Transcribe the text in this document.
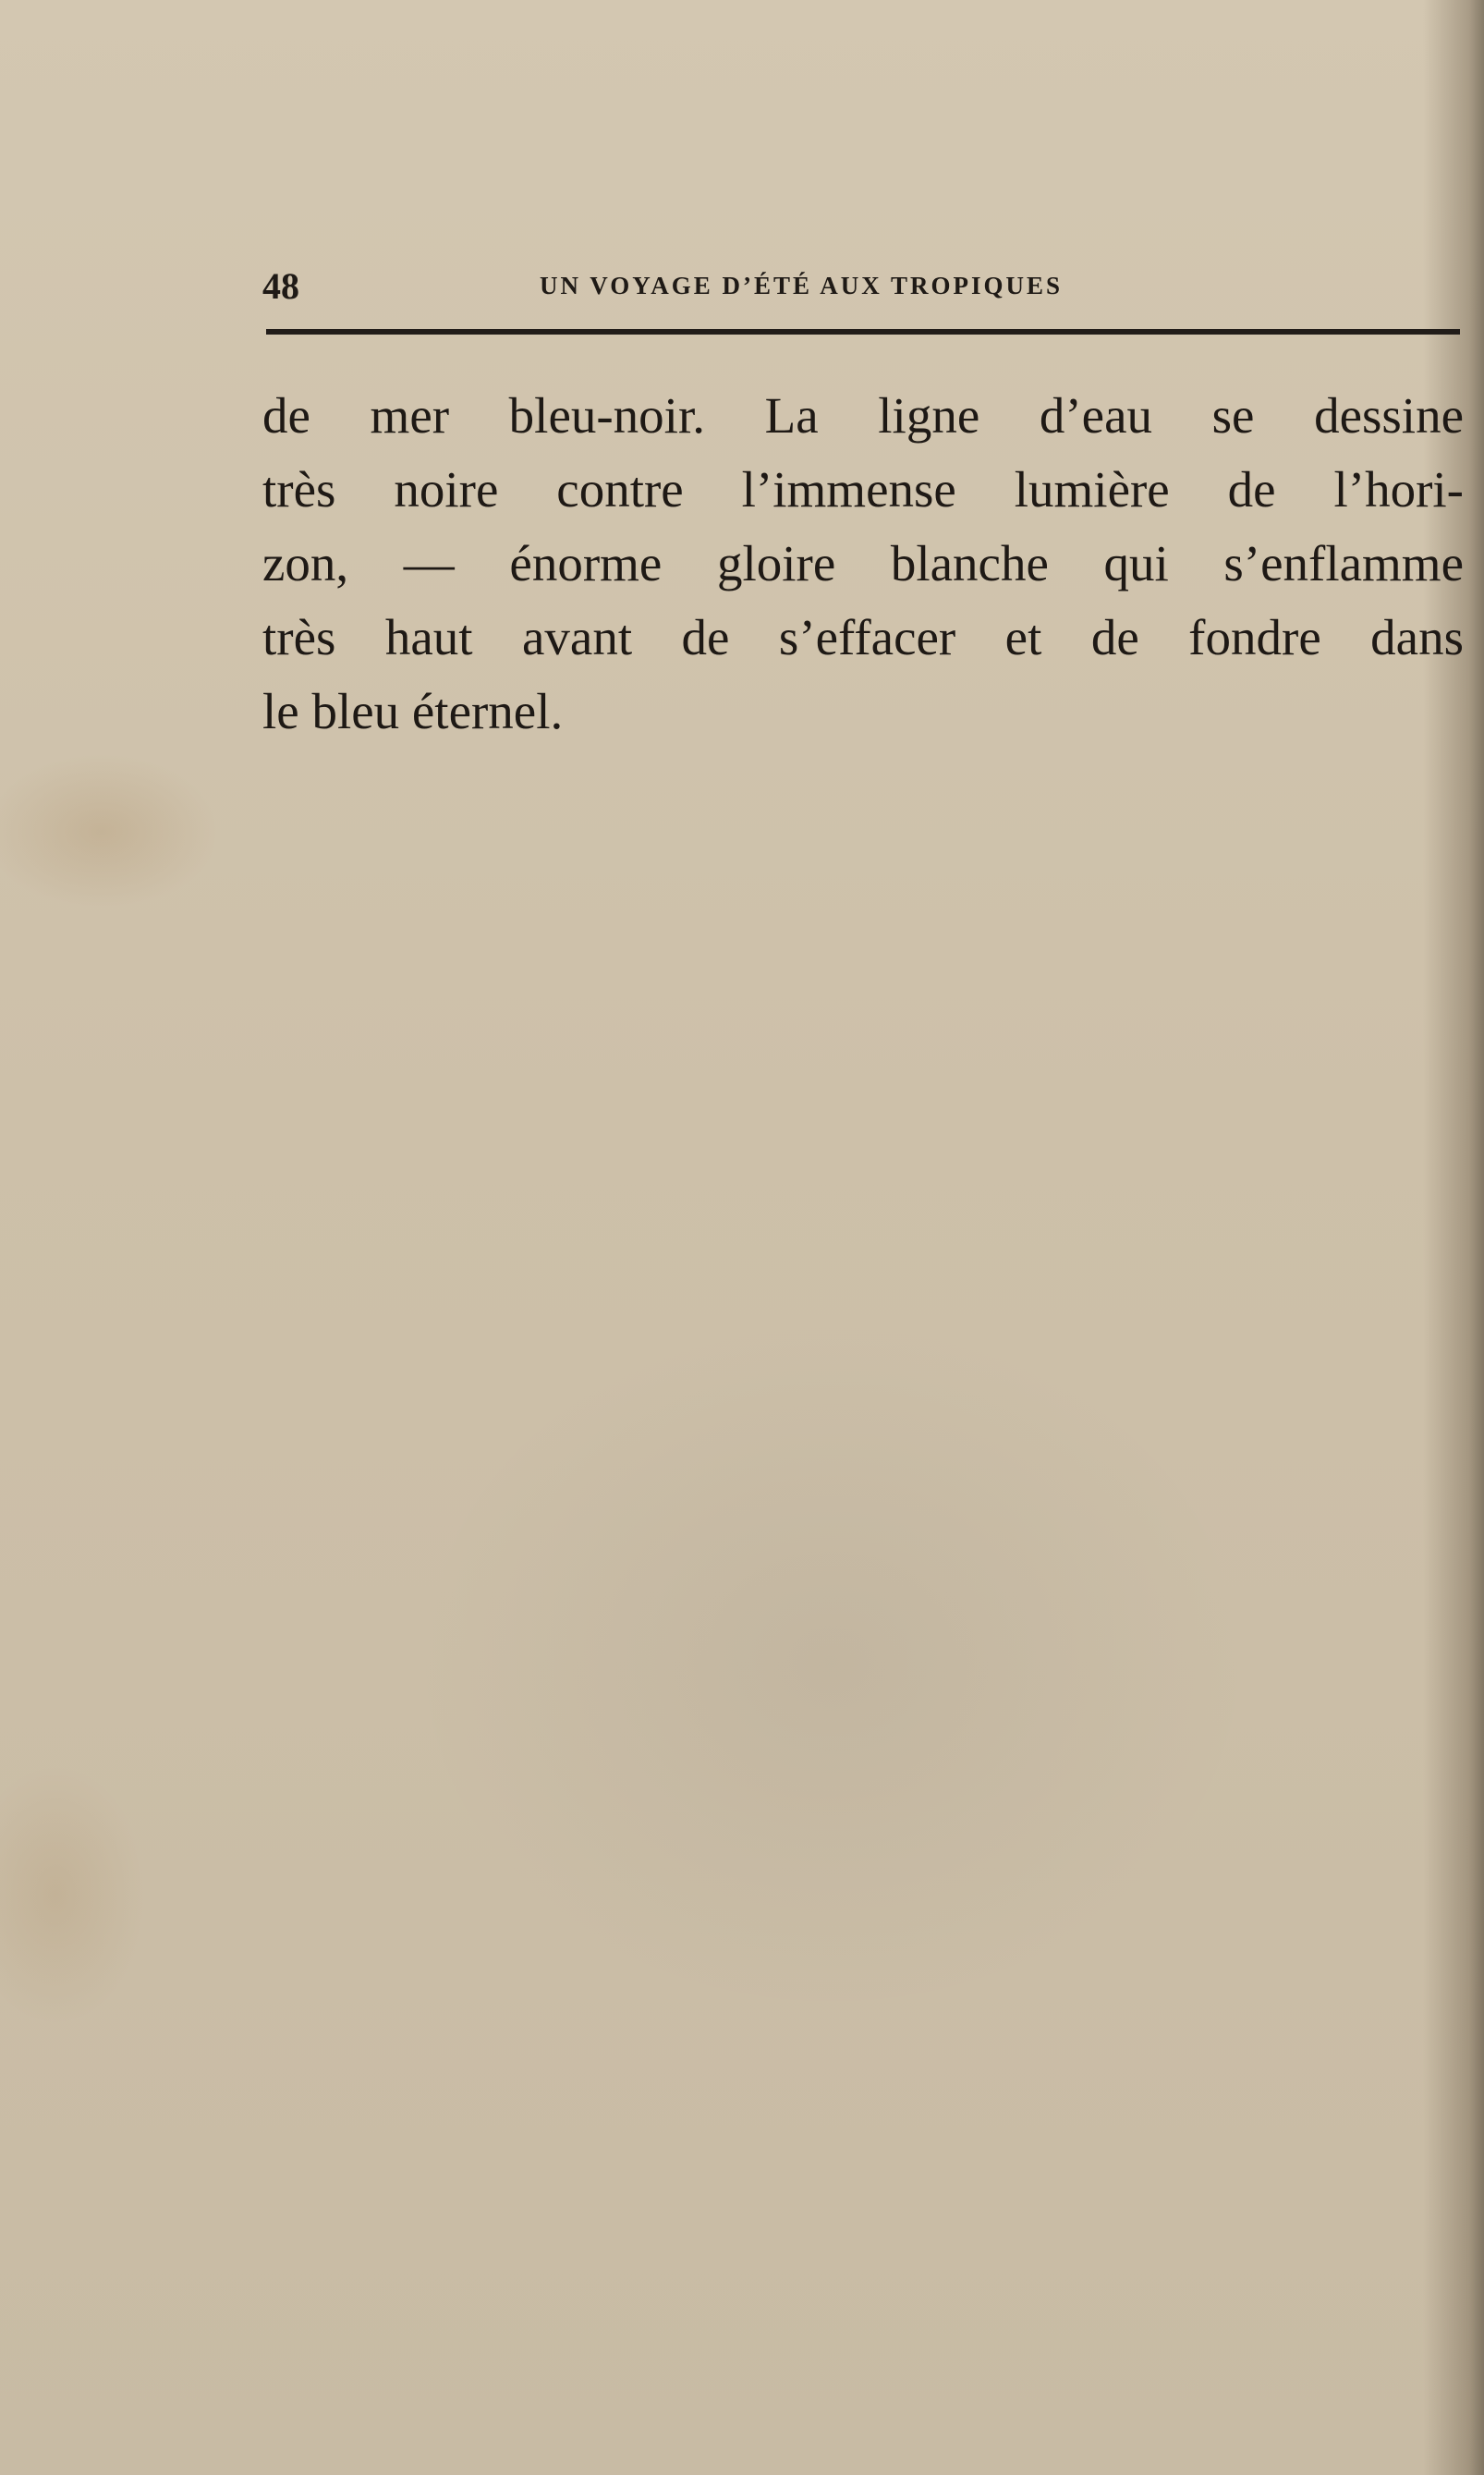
48	UN VOYAGE D’ÉTÉ AUX TROPIQUES
de mer bleu-noir. La ligne d’eau se dessine
très noire contre l’immense lumière de l’hori-
zon, — énorme gloire blanche qui s’enflamme
très haut avant de s’effacer et de fondre dans
le bleu éternel.
